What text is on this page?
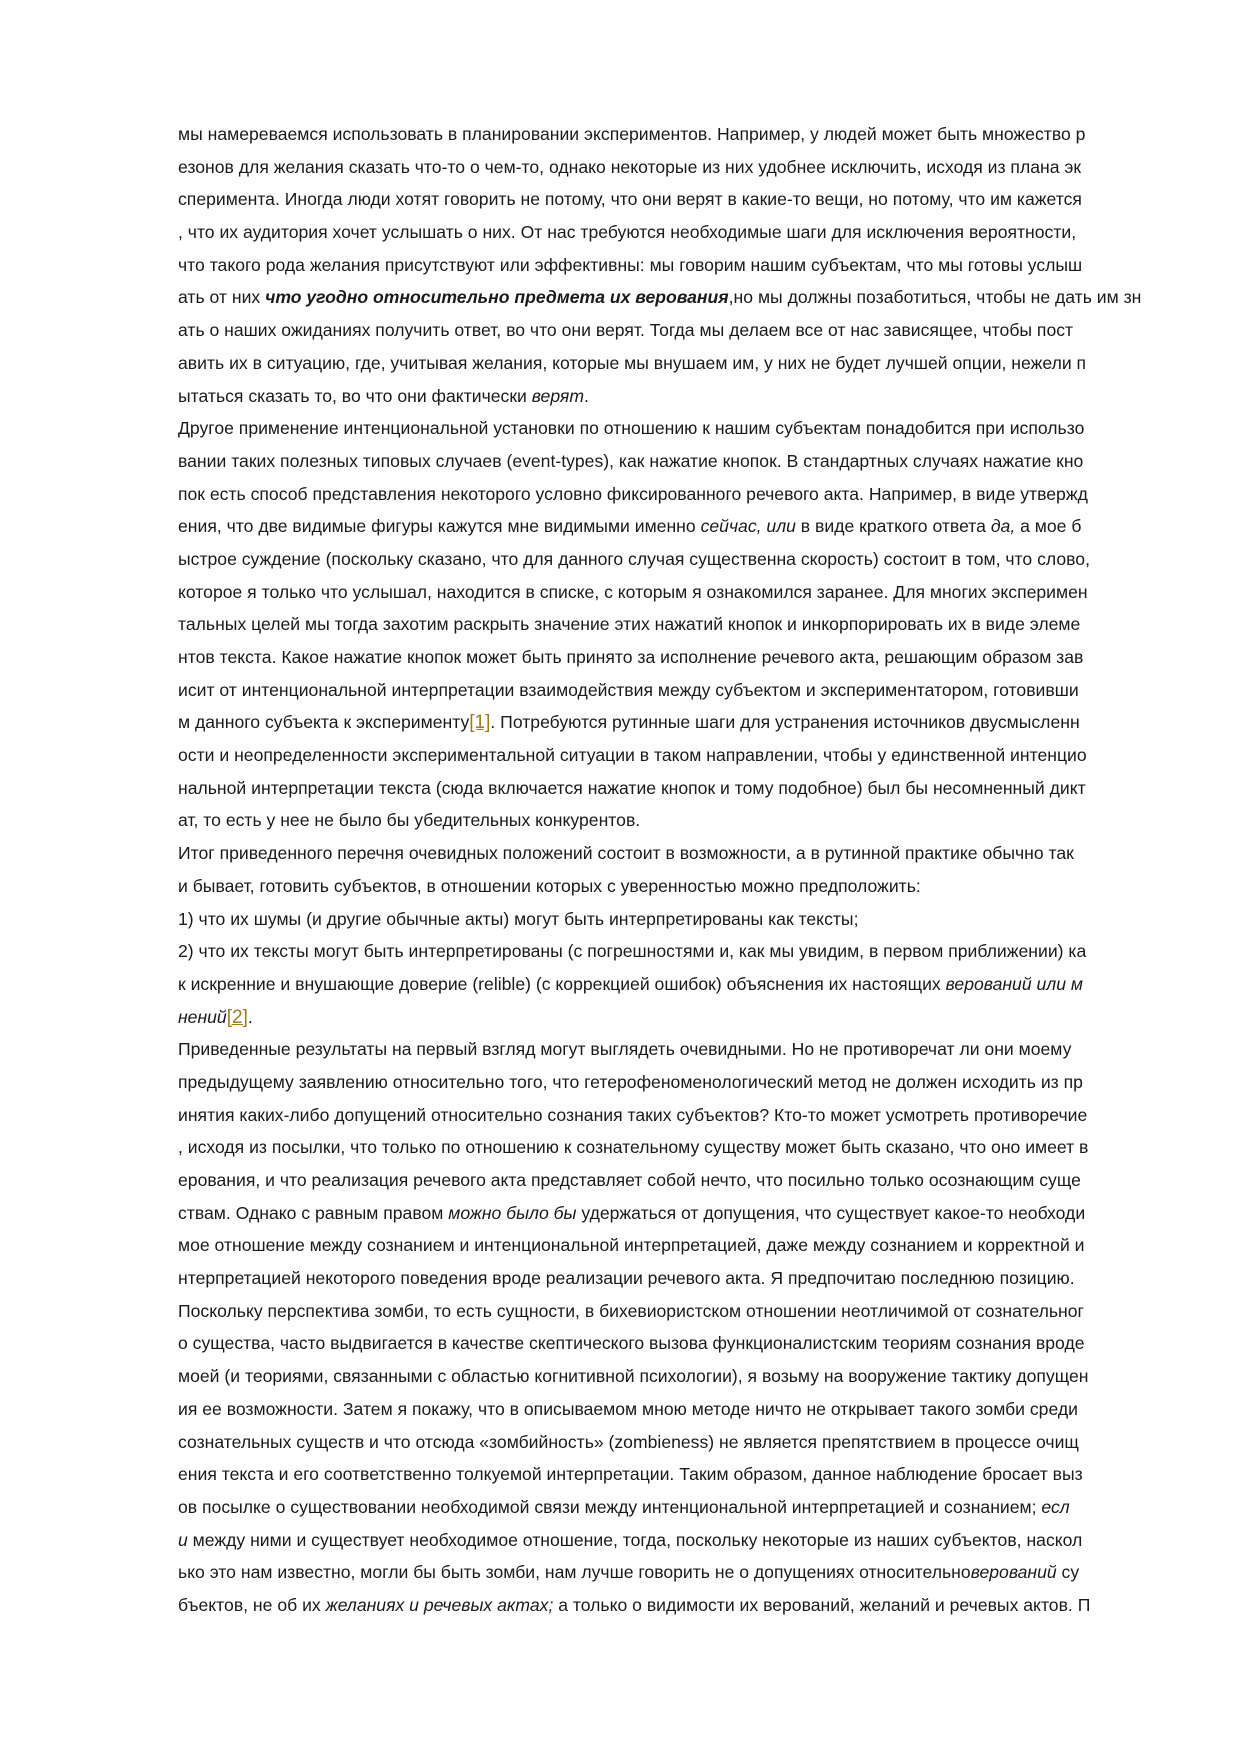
мы намереваемся использовать в планировании экспериментов. Например, у людей может быть множество р
езонов для желания сказать что-то о чем-то, однако некоторые из них удобнее исключить, исходя из плана эк
сперимента. Иногда люди хотят говорить не потому, что они верят в какие-то вещи, но потому, что им кажется
, что их аудитория хочет услышать о них. От нас требуются необходимые шаги для исключения вероятности,
что такого рода желания присутствуют или эффективны: мы говорим нашим субъектам, что мы готовы услыш
ать от них что угодно относительно предмета их верования,но мы должны позаботиться, чтобы не дать им зн
ать о наших ожиданиях получить ответ, во что они верят. Тогда мы делаем все от нас зависящее, чтобы пост
авить их в ситуацию, где, учитывая желания, которые мы внушаем им, у них не будет лучшей опции, нежели п
ытаться сказать то, во что они фактически верят.
Другое применение интенциональной установки по отношению к нашим субъектам понадобится при использо
вании таких полезных типовых случаев (event-types), как нажатие кнопок. В стандартных случаях нажатие кно
пок есть способ представления некоторого условно фиксированного речевого акта. Например, в виде утвержд
ения, что две видимые фигуры кажутся мне видимыми именно сейчас, или в виде краткого ответа да, а мое б
ыстрое суждение (поскольку сказано, что для данного случая существенна скорость) состоит в том, что слово,
которое я только что услышал, находится в списке, с которым я ознакомился заранее. Для многих эксперимен
тальных целей мы тогда захотим раскрыть значение этих нажатий кнопок и инкорпорировать их в виде элеме
нтов текста. Какое нажатие кнопок может быть принято за исполнение речевого акта, решающим образом зав
исит от интенциональной интерпретации взаимодействия между субъектом и экспериментатором, готовивши
м данного субъекта к эксперименту[1]. Потребуются рутинные шаги для устранения источников двусмысленн
ости и неопределенности экспериментальной ситуации в таком направлении, чтобы у единственной интенцио
нальной интерпретации текста (сюда включается нажатие кнопок и тому подобное) был бы несомненный дикт
ат, то есть у нее не было бы убедительных конкурентов.
Итог приведенного перечня очевидных положений состоит в возможности, а в рутинной практике обычно так
и бывает, готовить субъектов, в отношении которых с уверенностью можно предположить:
1) что их шумы (и другие обычные акты) могут быть интерпретированы как тексты;
2) что их тексты могут быть интерпретированы (с погрешностями и, как мы увидим, в первом приближении) ка
к искренние и внушающие доверие (relible) (с коррекцией ошибок) объяснения их настоящих верований или м
нений[2].
Приведенные результаты на первый взгляд могут выглядеть очевидными. Но не противоречат ли они моему
предыдущему заявлению относительно того, что гетерофеноменологический метод не должен исходить из пр
инятия каких-либо допущений относительно сознания таких субъектов? Кто-то может усмотреть противоречие
, исходя из посылки, что только по отношению к сознательному существу может быть сказано, что оно имеет в
ерования, и что реализация речевого акта представляет собой нечто, что посильно только осознающим суще
ствам. Однако с равным правом можно было бы удержаться от допущения, что существует какое-то необходи
мое отношение между сознанием и интенциональной интерпретацией, даже между сознанием и корректной и
нтерпретацией некоторого поведения вроде реализации речевого акта. Я предпочитаю последнюю позицию.
Поскольку перспектива зомби, то есть сущности, в бихевиористском отношении неотличимой от сознательног
о существа, часто выдвигается в качестве скептического вызова функционалистским теориям сознания вроде
моей (и теориями, связанными с областью когнитивной психологии), я возьму на вооружение тактику допущен
ия ее возможности. Затем я покажу, что в описываемом мною методе ничто не открывает такого зомби среди
сознательных существ и что отсюда «зомбийность» (zombieness) не является препятствием в процессе очищ
ения текста и его соответственно толкуемой интерпретации. Таким образом, данное наблюдение бросает выз
ов посылке о существовании необходимой связи между интенциональной интерпретацией и сознанием; есл
и между ними и существует необходимое отношение, тогда, поскольку некоторые из наших субъектов, наскол
ько это нам известно, могли бы быть зомби, нам лучше говорить не о допущениях относительноверований су
бъектов, не об их желаниях и речевых актах; а только о видимости их верований, желаний и речевых актов. П
